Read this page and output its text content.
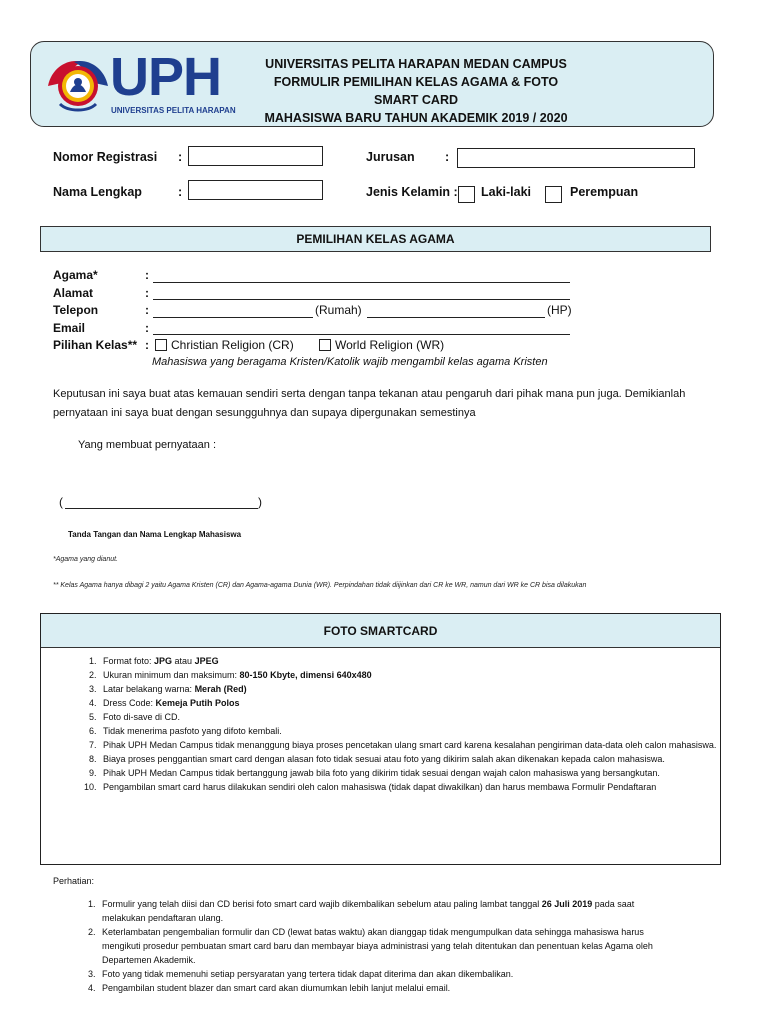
UPH
UNIVERSITAS PELITA HARAPAN
UNIVERSITAS PELITA HARAPAN MEDAN CAMPUS
FORMULIR PEMILIHAN KELAS AGAMA & FOTO SMART CARD
MAHASISWA BARU TAHUN AKADEMIK 2019 / 2020
Nomor Registrasi :	Jurusan :
Nama Lengkap	:	Jenis Kelamin : Laki-laki	Perempuan
PEMILIHAN KELAS AGAMA
Agama*	:
Alamat	:
Telepon	:	(Rumah)	(HP)
Email	:
Pilihan Kelas** :	Christian Religion (CR)	World Religion (WR)
Mahasiswa yang beragama Kristen/Katolik wajib mengambil kelas agama Kristen
Keputusan ini saya buat atas kemauan sendiri serta dengan tanpa tekanan atau pengaruh dari pihak mana pun juga. Demikianlah
pernyataan ini saya buat dengan sesungguhnya dan supaya dipergunakan semestinya
Yang membuat pernyataan :
(	)
Tanda Tangan dan Nama Lengkap Mahasiswa
*Agama yang dianut.
** Kelas Agama hanya dibagi 2 yaitu Agama Kristen (CR) dan Agama-agama Dunia (WR). Perpindahan tidak diijinkan dari CR ke WR, namun dari WR ke CR bisa dilakukan
FOTO SMARTCARD
1. Format foto: JPG atau JPEG
2. Ukuran minimum dan maksimum: 80-150 Kbyte, dimensi 640x480
3. Latar belakang warna: Merah (Red)
4. Dress Code: Kemeja Putih Polos
5. Foto di-save di CD.
6. Tidak menerima pasfoto yang difoto kembali.
7. Pihak UPH Medan Campus tidak menanggung biaya proses pencetakan ulang smart card karena kesalahan pengiriman data-data oleh calon mahasiswa.
8. Biaya proses penggantian smart card dengan alasan foto tidak sesuai atau foto yang dikirim salah akan dikenakan kepada calon mahasiswa.
9. Pihak UPH Medan Campus tidak bertanggung jawab bila foto yang dikirim tidak sesuai dengan wajah calon mahasiswa yang bersangkutan.
10. Pengambilan smart card harus dilakukan sendiri oleh calon mahasiswa (tidak dapat diwakilkan) dan harus membawa Formulir Pendaftaran
Perhatian:
1. Formulir yang telah diisi dan CD berisi foto smart card wajib dikembalikan sebelum atau paling lambat tanggal 26 Juli 2019 pada saat melakukan pendaftaran ulang.
2. Keterlambatan pengembalian formulir dan CD (lewat batas waktu) akan dianggap tidak mengumpulkan data sehingga mahasiswa harus mengikuti prosedur pembuatan smart card baru dan membayar biaya administrasi yang telah ditentukan dan penentuan kelas Agama oleh Departemen Akademik.
3. Foto yang tidak memenuhi setiap persyaratan yang tertera tidak dapat diterima dan akan dikembalikan.
4. Pengambilan student blazer dan smart card akan diumumkan lebih lanjut melalui email.
